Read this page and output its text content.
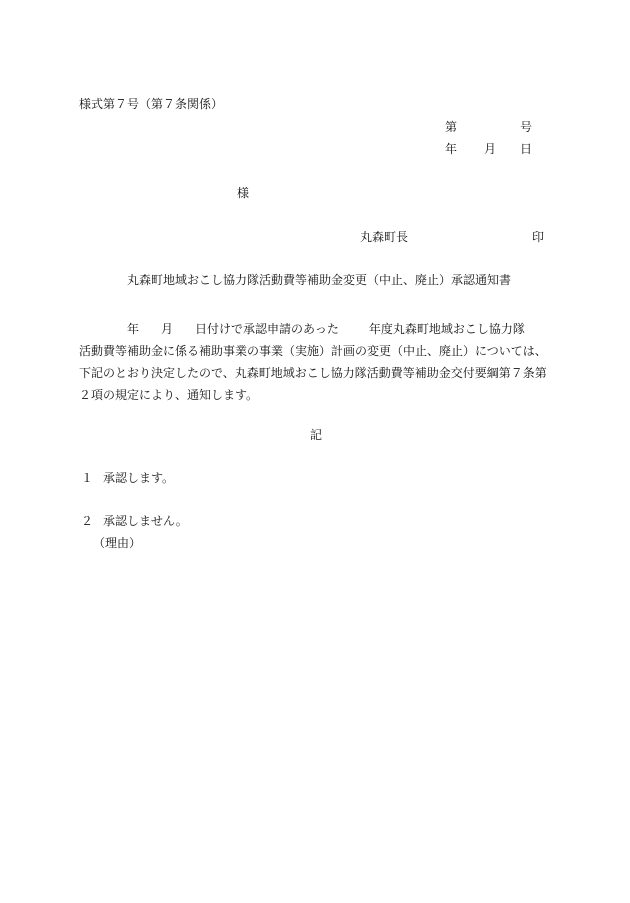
様式第７号（第７条関係）
第	号
年 月 日
様
丸森町長	印
丸森町地域おこし協力隊活動費等補助金変更（中止、廃止）承認通知書
年 月 日付けで承認申請のあった	年度丸森町地域おこし協力隊
活動費等補助金に係る補助事業の事業（実施）計画の変更（中止、廃止）については、
下記のとおり決定したので、丸森町地域おこし協力隊活動費等補助金交付要綱第７条第
２項の規定により、通知します。
記
１ 承認します。
２ 承認しません。
（理由）
